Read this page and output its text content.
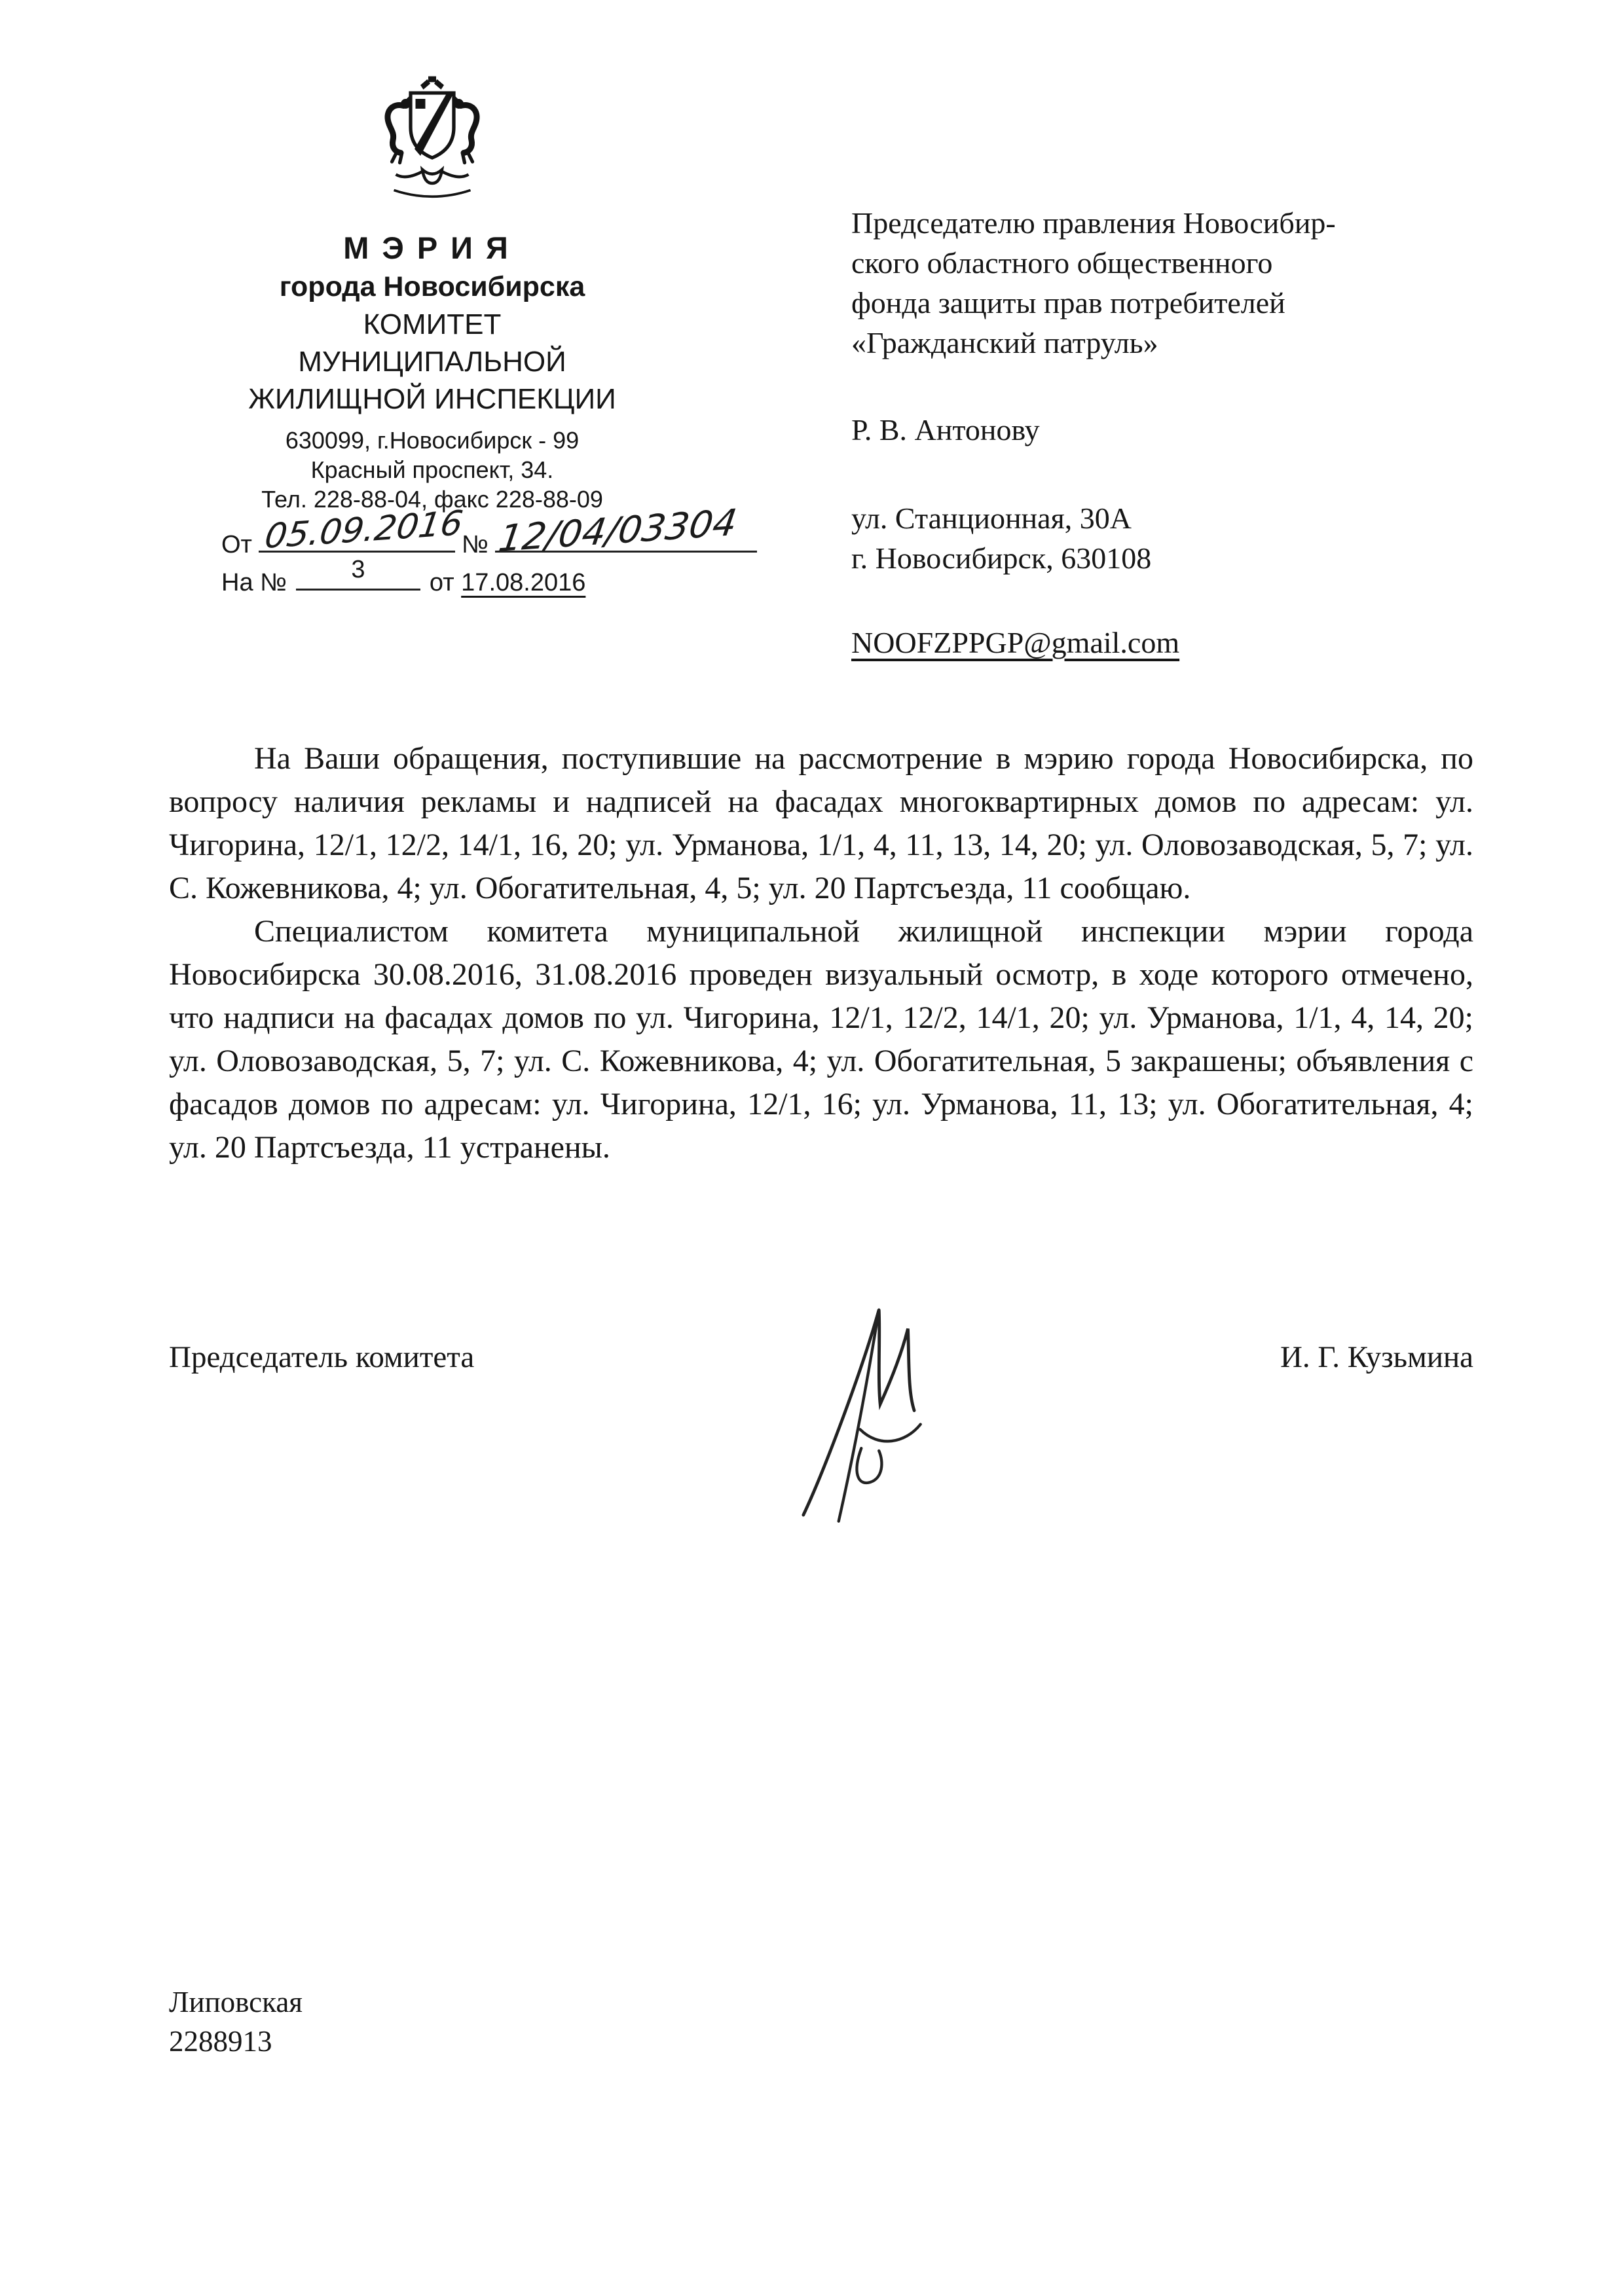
МЭРИЯ
города Новосибирска
КОМИТЕТ
МУНИЦИПАЛЬНОЙ
ЖИЛИЩНОЙ ИНСПЕКЦИИ
630099, г.Новосибирск - 99
Красный проспект, 34.
Тел. 228-88-04, факс 228-88-09
От 05.09.2016
№ 12/04/03304
На №	3	от 17.08.2016
Председателю правления Новосибир-
ского областного общественного
фонда защиты прав потребителей
«Гражданский патруль»
Р. В. Антонову
ул. Станционная, 30А
г. Новосибирск, 630108
NOOFZPPGP@gmail.com

На Ваши обращения, поступившие на рассмотрение в мэрию города Новосибирска, по вопросу наличия рекламы и надписей на фасадах многоквартирных домов по адресам: ул. Чигорина, 12/1, 12/2, 14/1, 16, 20; ул. Урманова, 1/1, 4, 11, 13, 14, 20; ул. Оловозаводская, 5, 7; ул. С. Кожевникова, 4; ул. Обогатительная, 4, 5; ул. 20 Партсъезда, 11 сообщаю.

Специалистом комитета муниципальной жилищной инспекции мэрии города Новосибирска 30.08.2016, 31.08.2016 проведен визуальный осмотр, в ходе которого отмечено, что надписи на фасадах домов по ул. Чигорина, 12/1, 12/2, 14/1, 20; ул. Урманова, 1/1, 4, 14, 20; ул. Оловозаводская, 5, 7; ул. С. Кожевникова, 4; ул. Обогатительная, 5 закрашены; объявления с фасадов домов по адресам: ул. Чигорина, 12/1, 16; ул. Урманова, 11, 13; ул. Обогатительная, 4; ул. 20 Партсъезда, 11 устранены.

Председатель комитета	И. Г. Кузьмина
Липовская
2288913
